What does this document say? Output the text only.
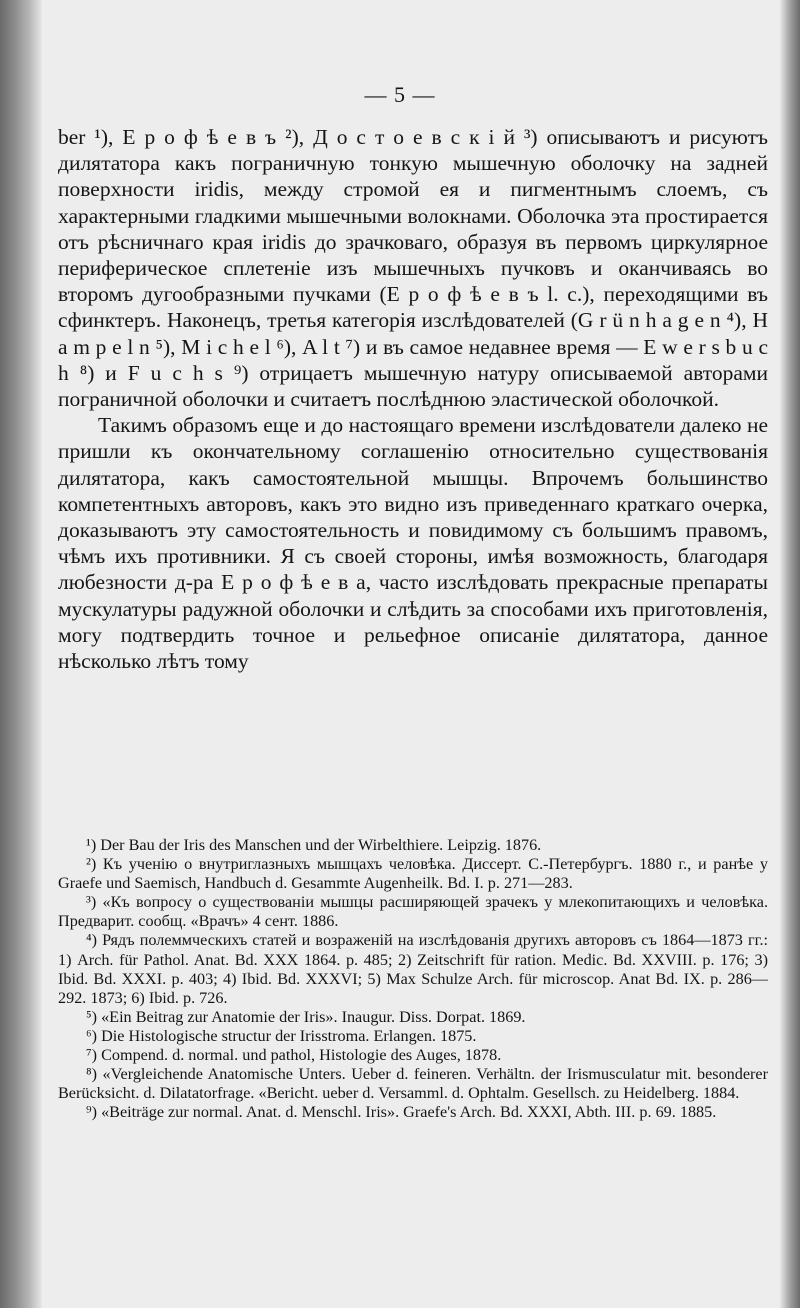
— 5 —

ber ¹), Е р о ф ѣ е в ъ ²), Д о с т о е в с к і й ³) описываютъ и рисуютъ дилятатора какъ пограничную тонкую мышечную оболочку на задней поверхности iridis, между стромой ея и пигментнымъ слоемъ, съ характерными гладкими мышечными волокнами. Оболочка эта простирается отъ рѣсничнаго края iridis до зрачковаго, образуя въ первомъ циркулярное периферическое сплетеніе изъ мышечныхъ пучковъ и оканчиваясь во второмъ дугообразными пучками (Е р о ф ѣ е в ъ l. c.), переходящими въ сфинктеръ. Наконецъ, третья категорія изслѣдователей (G r ü n h a g e n ⁴), H a m p e l n ⁵), M i c h e l ⁶), A l t ⁷) и въ самое недавнее время — E w e r s b u c h ⁸) и F u c h s ⁹) отрицаетъ мышечную натуру описываемой авторами пограничной оболочки и считаетъ послѣднюю эластической оболочкой.

Такимъ образомъ еще и до настоящаго времени изслѣдователи далеко не пришли къ окончательному соглашенію относительно существованія дилятатора, какъ самостоятельной мышцы. Впрочемъ большинство компетентныхъ авторовъ, какъ это видно изъ приведеннаго краткаго очерка, доказываютъ эту самостоятельность и повидимому съ большимъ правомъ, чѣмъ ихъ противники. Я съ своей стороны, имѣя возможность, благодаря любезности д-ра Е р о ф ѣ е в а, часто изслѣдовать прекрасные препараты мускулатуры радужной оболочки и слѣдить за способами ихъ приготовленія, могу подтвердить точное и рельефное описаніе дилятатора, данное нѣсколько лѣтъ тому

¹) Der Bau der Iris des Mansсhen und der Wirbelthiere. Leipzig. 1876.

²) Къ ученію о внутриглазныхъ мышцахъ человѣка. Диссерт. С.-Петербургъ. 1880 г., и ранѣе у Graefe und Saemisch, Handbuch d. Gesammte Augenheilk. Bd. I. p. 271—283.

³) «Къ вопросу о существованіи мышцы расширяющей зрачекъ у млекопитающихъ и человѣка. Предварит. сообщ. «Врачъ» 4 сент. 1886.

⁴) Рядъ полеммческихъ статей и возраженій на изслѣдованія другихъ авторовъ съ 1864—1873 гг.: 1) Arch. für Pathol. Anat. Bd. XXX 1864. p. 485; 2) Zeitschrift für ration. Medic. Bd. XXVIII. p. 176; 3) Ibid. Bd. XXXI. p. 403; 4) Ibid. Bd. XXXVI; 5) Max Schulze Arch. für microscop. Anat Bd. IX. p. 286—292. 1873; 6) Ibid. p. 726.

⁵) «Ein Beitrag zur Anatomie der Iris». Inaugur. Diss. Dorpat. 1869.

⁶) Die Histologische structur der Irisstroma. Erlangen. 1875.

⁷) Compend. d. normal. und pathol, Histologie des Auges, 1878.

⁸) «Vergleichende Anatomische Unters. Ueber d. feineren. Verhältn. der Irismusculatur mit. besonderer Berücksicht. d. Dilatatorfrage. «Bericht. ueber d. Versamml. d. Ophtalm. Gesellsch. zu Heidelberg. 1884.

⁹) «Beiträge zur normal. Anat. d. Menschl. Iris». Graefe's Arch. Bd. XXXI, Abth. III. p. 69. 1885.
